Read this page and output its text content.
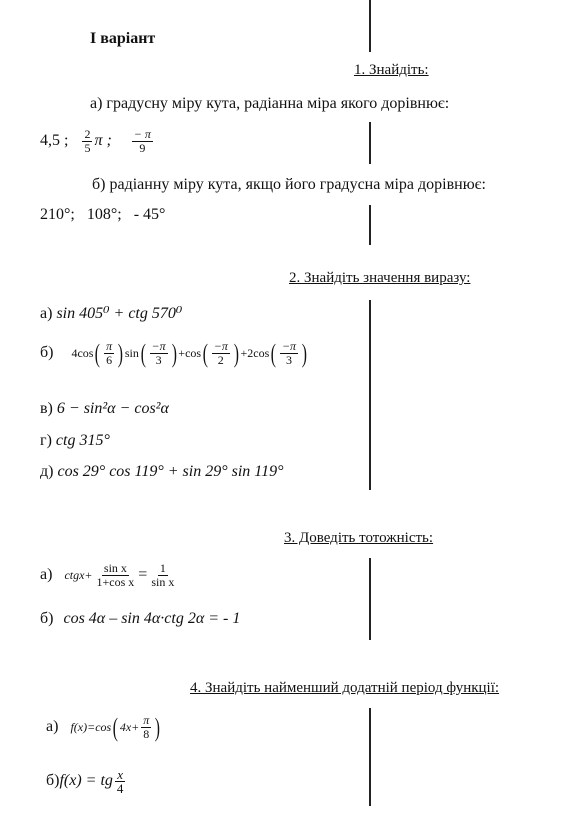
І варіант
1. Знайдіть:
а) градусну міру кута, радіанна міра якого дорівнює:
4,5 ; $\frac{2}{5}$ π ; $\frac{- \pi}{9}$
б) радіанну міру кута, якщо його градусна міра дорівнює:
210°;   108°;   - 45°
2. Знайдіть значення виразу:
а) sin 405⁰ + ctg 570⁰
б) $4\cos( \frac{\pi}{6}$ ) $\sin( \frac{-\pi}{3}$ ) $+\cos( \frac{-\pi}{2}$ ) $+2\cos( \frac{-\pi}{3}$ )
в) 6 − sin²α − cos²α
г) ctg 315°
д) cos 29° cos 119° + sin 29° sin 119°
3. Доведіть тотожність:
а) ctgx+ $\frac{\text{sin x}}{\text{1+cos x}} = \frac{1}{\text{sin x}}$
б) cos 4α – sin 4α·ctg 2α = - 1
4. Знайдіть найменший додатній період функції:
а) f(x)=cos( $4x+ \frac{\pi}{8}$ )
б)f(x) = tg $\frac{x}{4}$
